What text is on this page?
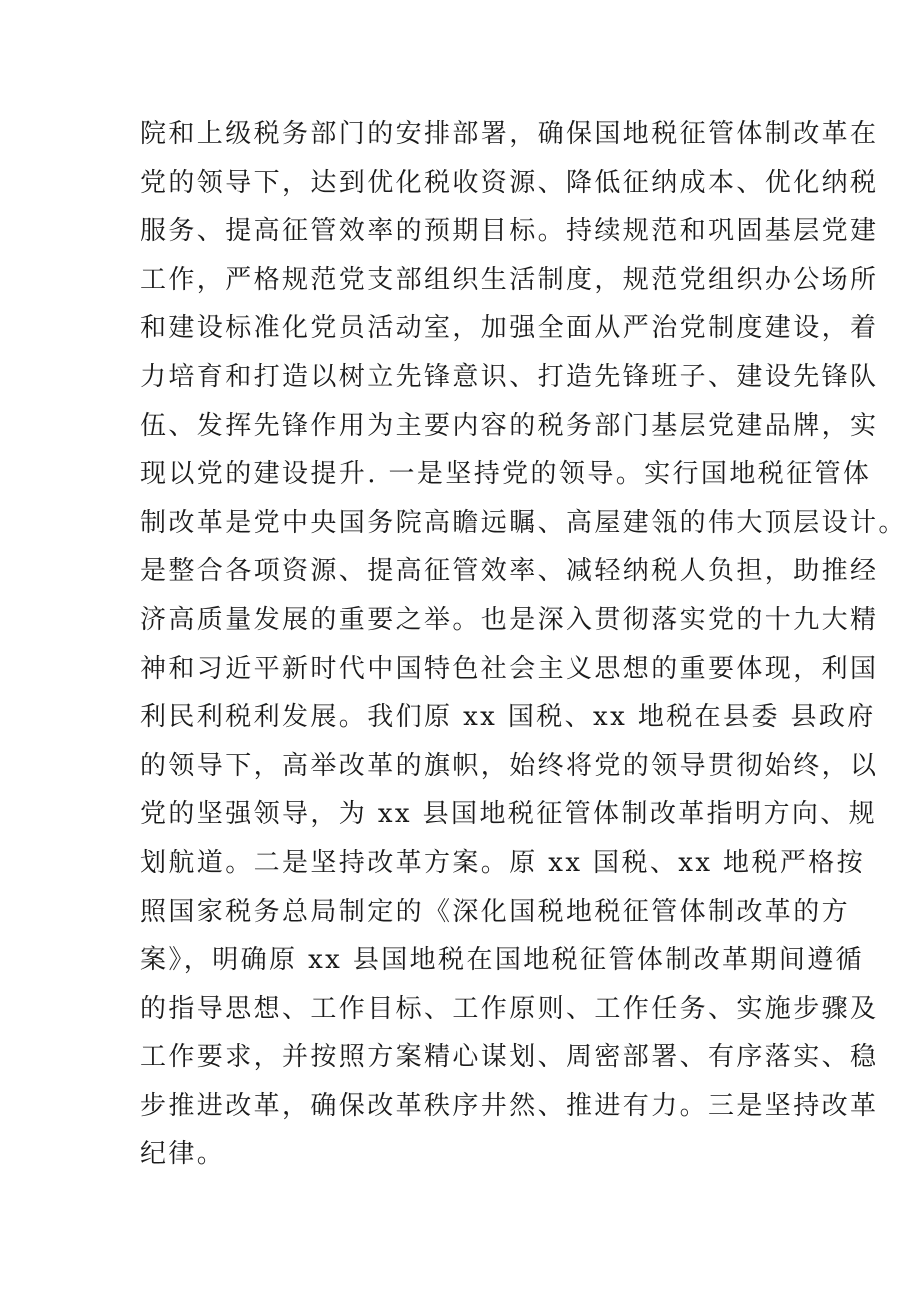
院和上级税务部门的安排部署，确保国地税征管体制改革在
党的领导下，达到优化税收资源、降低征纳成本、优化纳税
服务、提高征管效率的预期目标。持续规范和巩固基层党建
工作，严格规范党支部组织生活制度，规范党组织办公场所
和建设标准化党员活动室，加强全面从严治党制度建设，着
力培育和打造以树立先锋意识、打造先锋班子、建设先锋队
伍、发挥先锋作用为主要内容的税务部门基层党建品牌，实
现以党的建设提升. 一是坚持党的领导。实行国地税征管体
制改革是党中央国务院高瞻远瞩、高屋建瓴的伟大顶层设计。
是整合各项资源、提高征管效率、减轻纳税人负担，助推经
济高质量发展的重要之举。也是深入贯彻落实党的十九大精
神和习近平新时代中国特色社会主义思想的重要体现，利国
利民利税利发展。我们原 xx 国税、xx 地税在县委 县政府
的领导下，高举改革的旗帜，始终将党的领导贯彻始终，以
党的坚强领导，为 xx 县国地税征管体制改革指明方向、规
划航道。二是坚持改革方案。原 xx 国税、xx 地税严格按
照国家税务总局制定的《深化国税地税征管体制改革的方
案》，明确原 xx 县国地税在国地税征管体制改革期间遵循
的指导思想、工作目标、工作原则、工作任务、实施步骤及
工作要求，并按照方案精心谋划、周密部署、有序落实、稳
步推进改革，确保改革秩序井然、推进有力。三是坚持改革
纪律。
